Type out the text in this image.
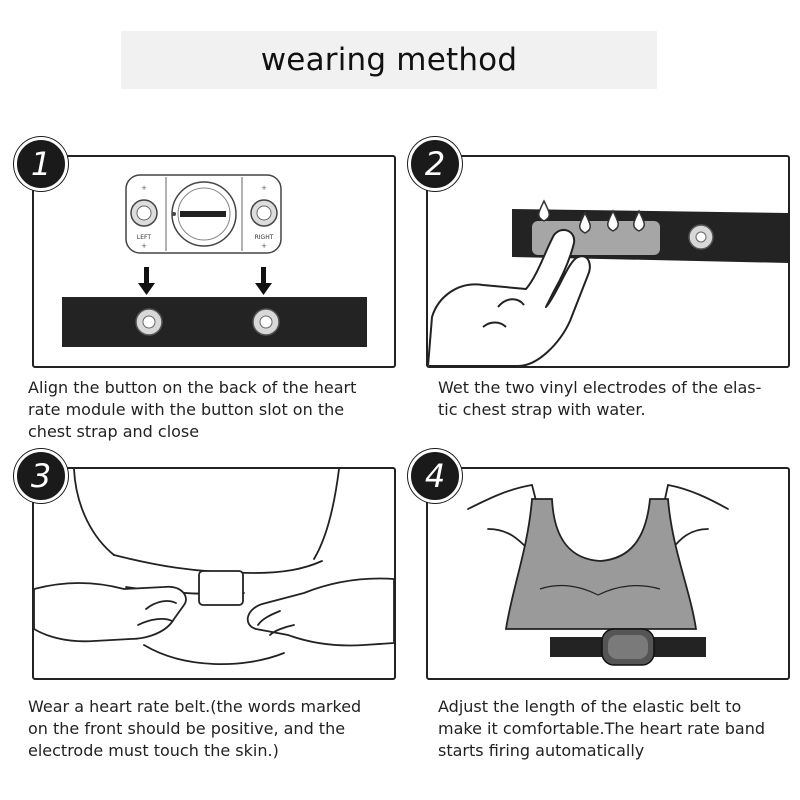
wearing method
LEFT	RIGHT
+	+
+	+
1
Align the button on the back of the heart
rate module with the button slot on the
chest strap and close
2
Wet the two vinyl electrodes of the elas-
tic chest strap with water.
3
Wear a heart rate belt.(the words marked
on the front should be positive, and the
electrode must touch the skin.)
4
Adjust the length of the elastic belt to
make it comfortable.The heart rate band
starts firing automatically
